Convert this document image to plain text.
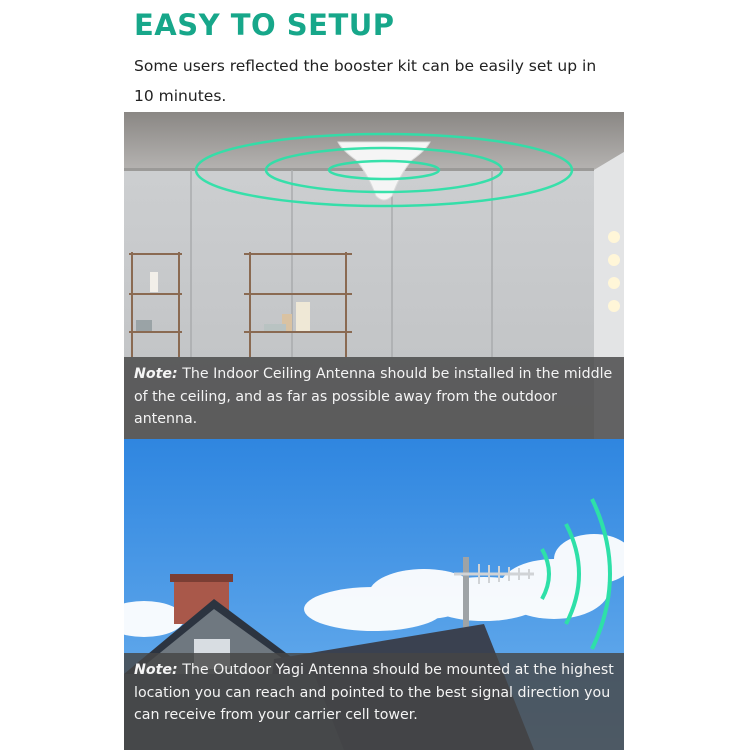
EASY TO SETUP
Some users reflected the booster kit can be easily set up in 10 minutes.
Note: The Indoor Ceiling Antenna should be installed in the middle of the ceiling, and as far as possible away from the outdoor antenna.
Note: The Outdoor Yagi Antenna should be mounted at the highest location you can reach and pointed to the best signal direction you can receive from your carrier cell tower.
